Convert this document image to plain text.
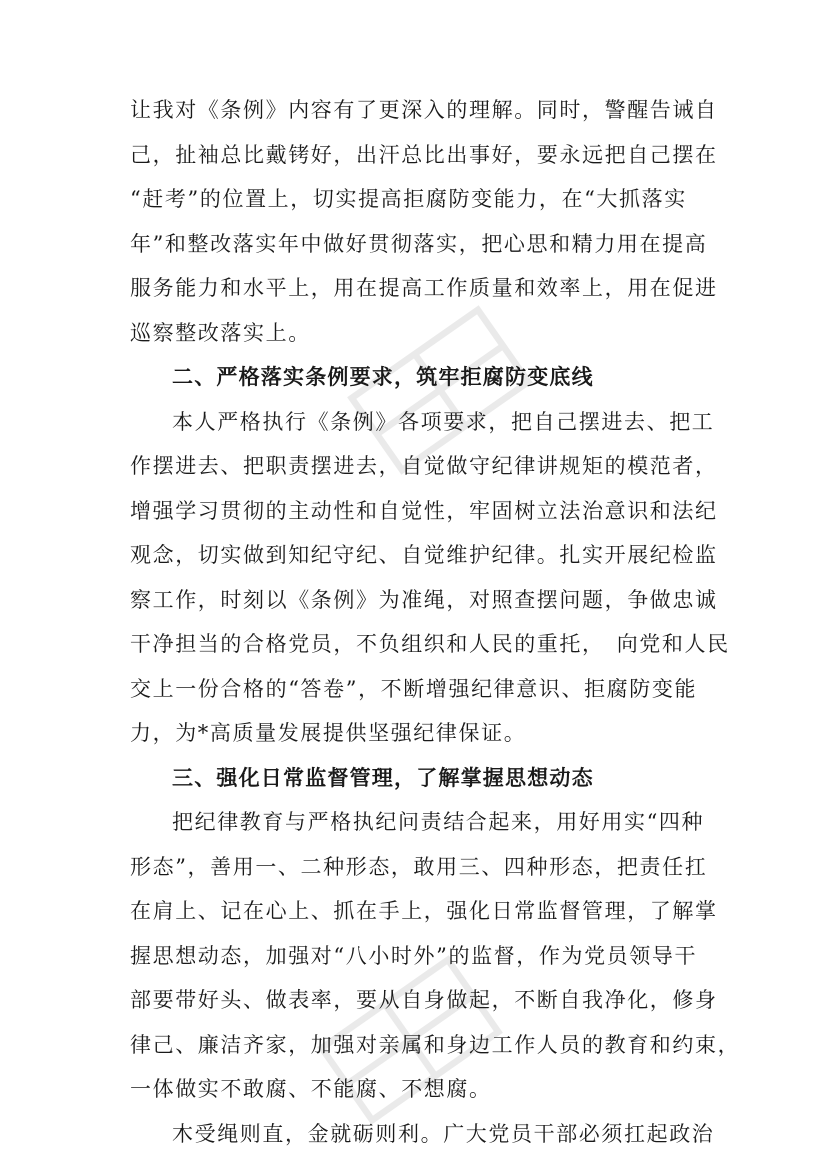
让我对《条例》内容有了更深入的理解。同时，警醒告诫自
己，扯袖总比戴铐好，出汗总比出事好，要永远把自己摆在
“赶考”的位置上，切实提高拒腐防变能力，在“大抓落实
年”和整改落实年中做好贯彻落实，把心思和精力用在提高
服务能力和水平上，用在提高工作质量和效率上，用在促进
巡察整改落实上。
二、严格落实条例要求，筑牢拒腐防变底线
本人严格执行《条例》各项要求，把自己摆进去、把工
作摆进去、把职责摆进去，自觉做守纪律讲规矩的模范者，
增强学习贯彻的主动性和自觉性，牢固树立法治意识和法纪
观念，切实做到知纪守纪、自觉维护纪律。扎实开展纪检监
察工作，时刻以《条例》为准绳，对照查摆问题，争做忠诚
干净担当的合格党员，不负组织和人民的重托，　向党和人民
交上一份合格的“答卷”，不断增强纪律意识、拒腐防变能
力，为*高质量发展提供坚强纪律保证。
三、强化日常监督管理，了解掌握思想动态
把纪律教育与严格执纪问责结合起来，用好用实“四种
形态”，善用一、二种形态，敢用三、四种形态，把责任扛
在肩上、记在心上、抓在手上，强化日常监督管理，了解掌
握思想动态，加强对“八小时外”的监督，作为党员领导干
部要带好头、做表率，要从自身做起，不断自我净化，修身
律己、廉洁齐家，加强对亲属和身边工作人员的教育和约束，
一体做实不敢腐、不能腐、不想腐。
木受绳则直，金就砺则利。广大党员干部必须扛起政治
